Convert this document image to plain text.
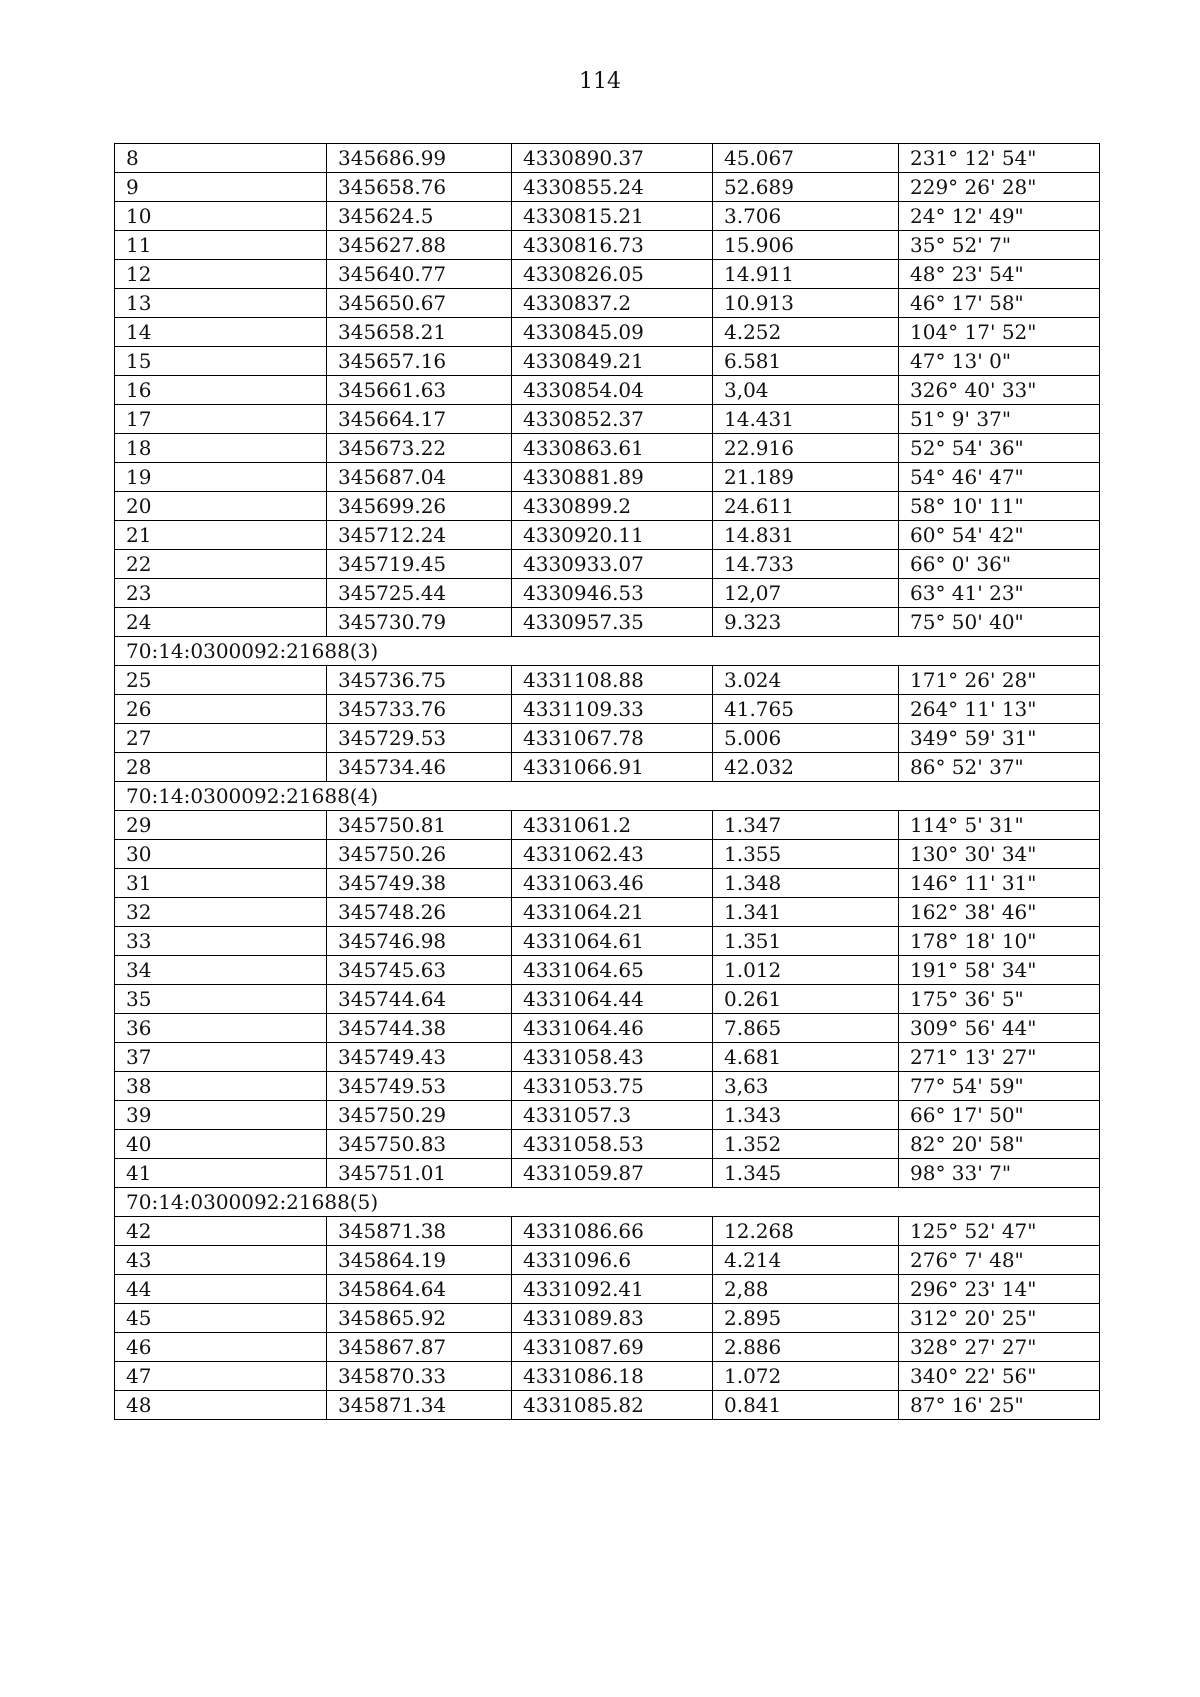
114
8	345686.99	4330890.37	45.067	231° 12' 54"
9	345658.76	4330855.24	52.689	229° 26' 28"
10	345624.5	4330815.21	3.706	24° 12' 49"
11	345627.88	4330816.73	15.906	35° 52' 7"
12	345640.77	4330826.05	14.911	48° 23' 54"
13	345650.67	4330837.2	10.913	46° 17' 58"
14	345658.21	4330845.09	4.252	104° 17' 52"
15	345657.16	4330849.21	6.581	47° 13' 0"
16	345661.63	4330854.04	3,04	326° 40' 33"
17	345664.17	4330852.37	14.431	51° 9' 37"
18	345673.22	4330863.61	22.916	52° 54' 36"
19	345687.04	4330881.89	21.189	54° 46' 47"
20	345699.26	4330899.2	24.611	58° 10' 11"
21	345712.24	4330920.11	14.831	60° 54' 42"
22	345719.45	4330933.07	14.733	66° 0' 36"
23	345725.44	4330946.53	12,07	63° 41' 23"
24	345730.79	4330957.35	9.323	75° 50' 40"
70:14:0300092:21688(3)				
25	345736.75	4331108.88	3.024	171° 26' 28"
26	345733.76	4331109.33	41.765	264° 11' 13"
27	345729.53	4331067.78	5.006	349° 59' 31"
28	345734.46	4331066.91	42.032	86° 52' 37"
70:14:0300092:21688(4)				
29	345750.81	4331061.2	1.347	114° 5' 31"
30	345750.26	4331062.43	1.355	130° 30' 34"
31	345749.38	4331063.46	1.348	146° 11' 31"
32	345748.26	4331064.21	1.341	162° 38' 46"
33	345746.98	4331064.61	1.351	178° 18' 10"
34	345745.63	4331064.65	1.012	191° 58' 34"
35	345744.64	4331064.44	0.261	175° 36' 5"
36	345744.38	4331064.46	7.865	309° 56' 44"
37	345749.43	4331058.43	4.681	271° 13' 27"
38	345749.53	4331053.75	3,63	77° 54' 59"
39	345750.29	4331057.3	1.343	66° 17' 50"
40	345750.83	4331058.53	1.352	82° 20' 58"
41	345751.01	4331059.87	1.345	98° 33' 7"
70:14:0300092:21688(5)				
42	345871.38	4331086.66	12.268	125° 52' 47"
43	345864.19	4331096.6	4.214	276° 7' 48"
44	345864.64	4331092.41	2,88	296° 23' 14"
45	345865.92	4331089.83	2.895	312° 20' 25"
46	345867.87	4331087.69	2.886	328° 27' 27"
47	345870.33	4331086.18	1.072	340° 22' 56"
48	345871.34	4331085.82	0.841	87° 16' 25"
